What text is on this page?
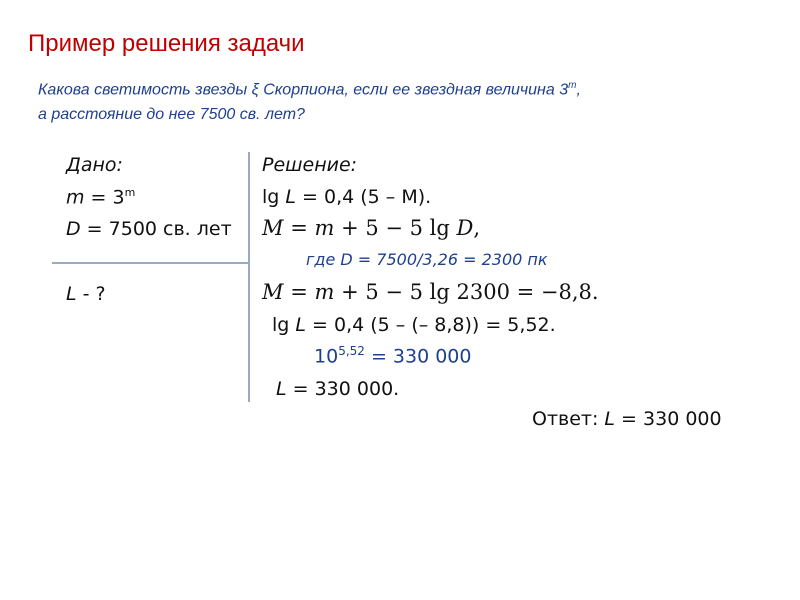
Пример решения задачи
Какова светимость звезды ξ Скорпиона, если ее звездная величина 3$^m$,
а расстояние до нее 7500 св. лет?
Дано:
$m = 3^m$
D = 7500 св. лет
L - ?
Решение:
lg L = 0,4 (5 – M).
M = m + 5 − 5 lg D,
где D = 7500/3,26 = 2300 пк
M = m + 5 − 5 lg 2300 = −8,8.
lg L = 0,4 (5 – (– 8,8)) = 5,52.
$10^{5,52} = 330$ 000
L = 330 000.
Ответ: L = 330 000
